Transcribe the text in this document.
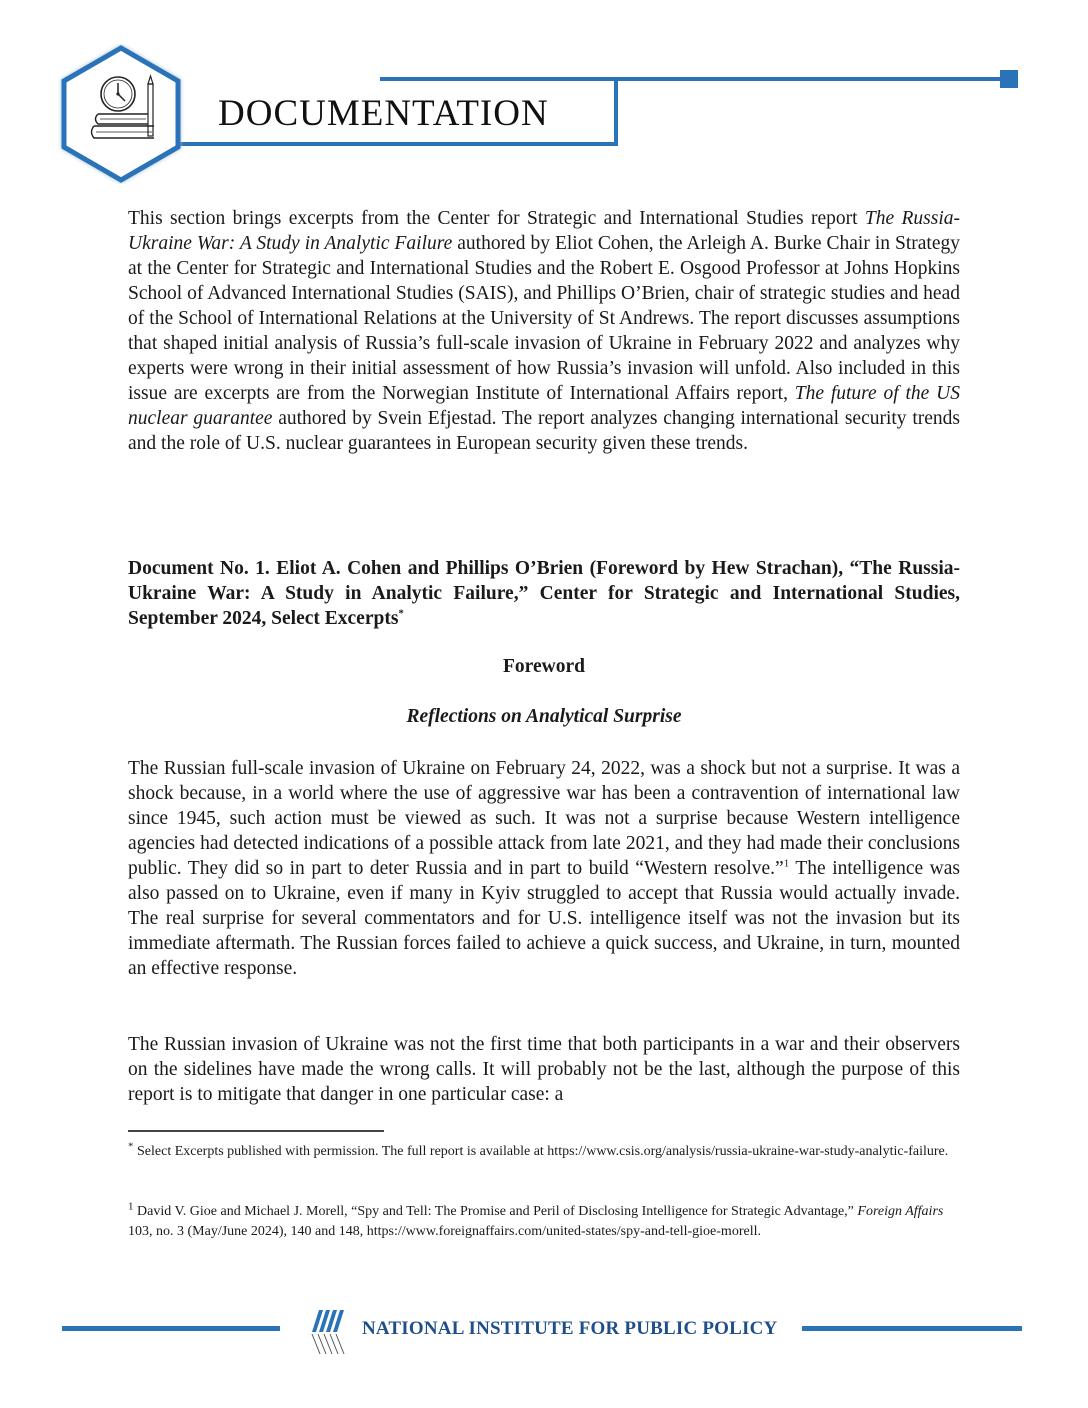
DOCUMENTATION

This section brings excerpts from the Center for Strategic and International Studies report The Russia-Ukraine War: A Study in Analytic Failure authored by Eliot Cohen, the Arleigh A. Burke Chair in Strategy at the Center for Strategic and International Studies and the Robert E. Osgood Professor at Johns Hopkins School of Advanced International Studies (SAIS), and Phillips O’Brien, chair of strategic studies and head of the School of International Relations at the University of St Andrews. The report discusses assumptions that shaped initial analysis of Russia’s full-scale invasion of Ukraine in February 2022 and analyzes why experts were wrong in their initial assessment of how Russia’s invasion will unfold. Also included in this issue are excerpts are from the Norwegian Institute of International Affairs report, The future of the US nuclear guarantee authored by Svein Efjestad. The report analyzes changing international security trends and the role of U.S. nuclear guarantees in European security given these trends.

Document No. 1. Eliot A. Cohen and Phillips O’Brien (Foreword by Hew Strachan), “The Russia-Ukraine War: A Study in Analytic Failure,” Center for Strategic and International Studies, September 2024, Select Excerpts*

Foreword
Reflections on Analytical Surprise

The Russian full-scale invasion of Ukraine on February 24, 2022, was a shock but not a surprise. It was a shock because, in a world where the use of aggressive war has been a contravention of international law since 1945, such action must be viewed as such. It was not a surprise because Western intelligence agencies had detected indications of a possible attack from late 2021, and they had made their conclusions public. They did so in part to deter Russia and in part to build “Western resolve.”$^1$ The intelligence was also passed on to Ukraine, even if many in Kyiv struggled to accept that Russia would actually invade. The real surprise for several commentators and for U.S. intelligence itself was not the invasion but its immediate aftermath. The Russian forces failed to achieve a quick success, and Ukraine, in turn, mounted an effective response.

The Russian invasion of Ukraine was not the first time that both participants in a war and their observers on the sidelines have made the wrong calls. It will probably not be the last, although the purpose of this report is to mitigate that danger in one particular case: a

* Select Excerpts published with permission. The full report is available at https://www.csis.org/analysis/russia-ukraine-war-study-analytic-failure.
$^1$ David V. Gioe and Michael J. Morell, “Spy and Tell: The Promise and Peril of Disclosing Intelligence for Strategic Advantage,” Foreign Affairs 103, no. 3 (May/June 2024), 140 and 148, https://www.foreignaffairs.com/united-states/spy-and-tell-gioe-morell.
NATIONAL INSTITUTE FOR PUBLIC POLICY
